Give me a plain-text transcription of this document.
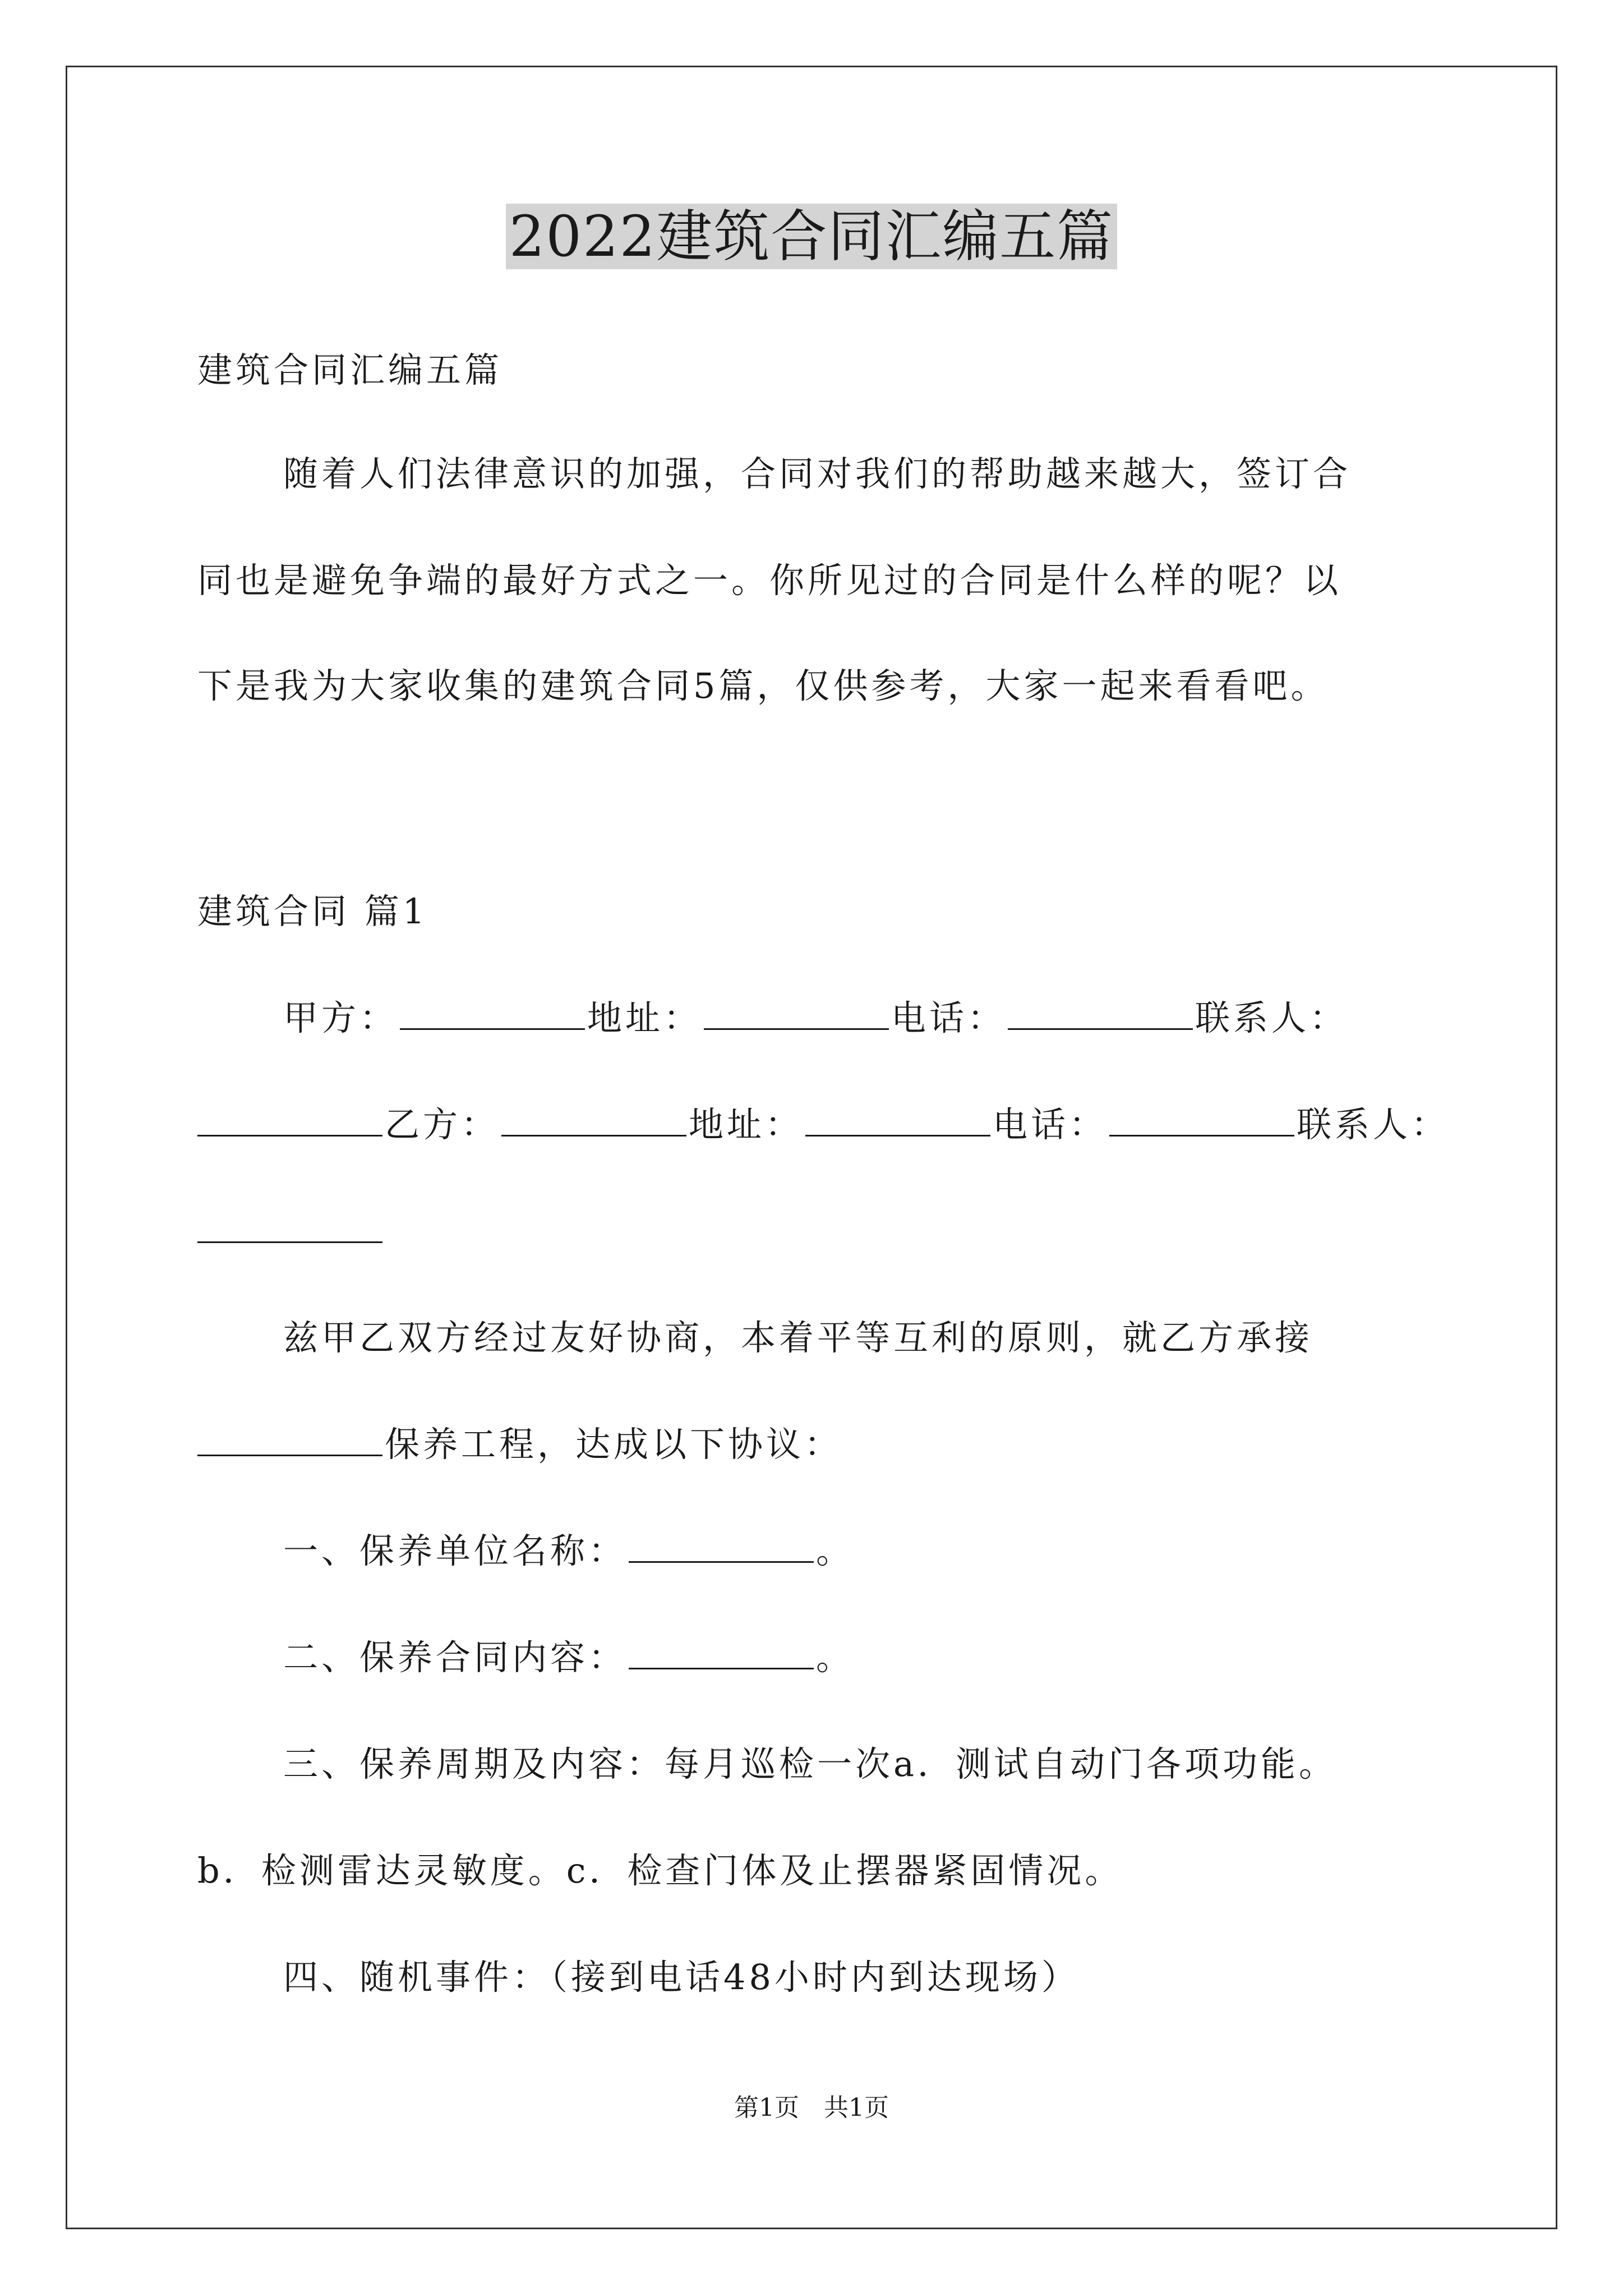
2022建筑合同汇编五篇
建筑合同汇编五篇
随着人们法律意识的加强，合同对我们的帮助越来越大，签订合
同也是避免争端的最好方式之一。你所见过的合同是什么样的呢？以
下是我为大家收集的建筑合同5篇，仅供参考，大家一起来看看吧。
建筑合同 篇1
甲方：	地址：	电话：	联系人：
乙方：	地址：	电话：	联系人：
兹甲乙双方经过友好协商，本着平等互利的原则，就乙方承接
保养工程，达成以下协议：
一、保养单位名称：	。
二、保养合同内容：	。
三、保养周期及内容：每月巡检一次a．测试自动门各项功能。
b．检测雷达灵敏度。c．检查门体及止摆器紧固情况。
四、随机事件：（接到电话48小时内到达现场）
第1页　共1页
